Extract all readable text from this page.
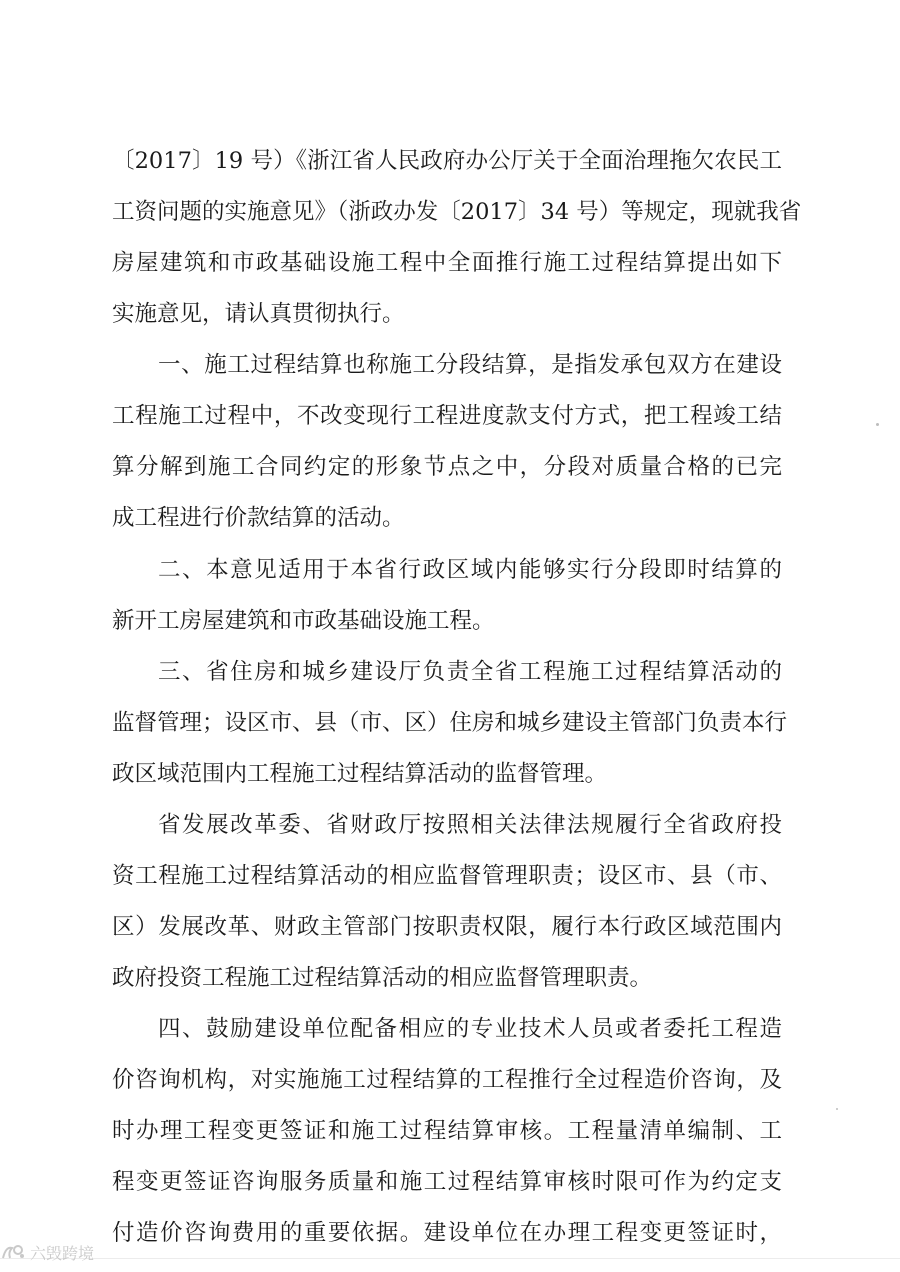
〔2017〕19 号）《浙江省人民政府办公厅关于全面治理拖欠农民工
工资问题的实施意见》（浙政办发〔2017〕34 号）等规定，现就我省
房屋建筑和市政基础设施工程中全面推行施工过程结算提出如下
实施意见，请认真贯彻执行。
一、施工过程结算也称施工分段结算，是指发承包双方在建设
工程施工过程中，不改变现行工程进度款支付方式，把工程竣工结
算分解到施工合同约定的形象节点之中，分段对质量合格的已完
成工程进行价款结算的活动。
二、本意见适用于本省行政区域内能够实行分段即时结算的
新开工房屋建筑和市政基础设施工程。
三、省住房和城乡建设厅负责全省工程施工过程结算活动的
监督管理；设区市、县（市、区）住房和城乡建设主管部门负责本行
政区域范围内工程施工过程结算活动的监督管理。
省发展改革委、省财政厅按照相关法律法规履行全省政府投
资工程施工过程结算活动的相应监督管理职责；设区市、县（市、
区）发展改革、财政主管部门按职责权限，履行本行政区域范围内
政府投资工程施工过程结算活动的相应监督管理职责。
四、鼓励建设单位配备相应的专业技术人员或者委托工程造
价咨询机构，对实施施工过程结算的工程推行全过程造价咨询，及
时办理工程变更签证和施工过程结算审核。工程量清单编制、工
程变更签证咨询服务质量和施工过程结算审核时限可作为约定支
付造价咨询费用的重要依据。建设单位在办理工程变更签证时，
六毁跨境
